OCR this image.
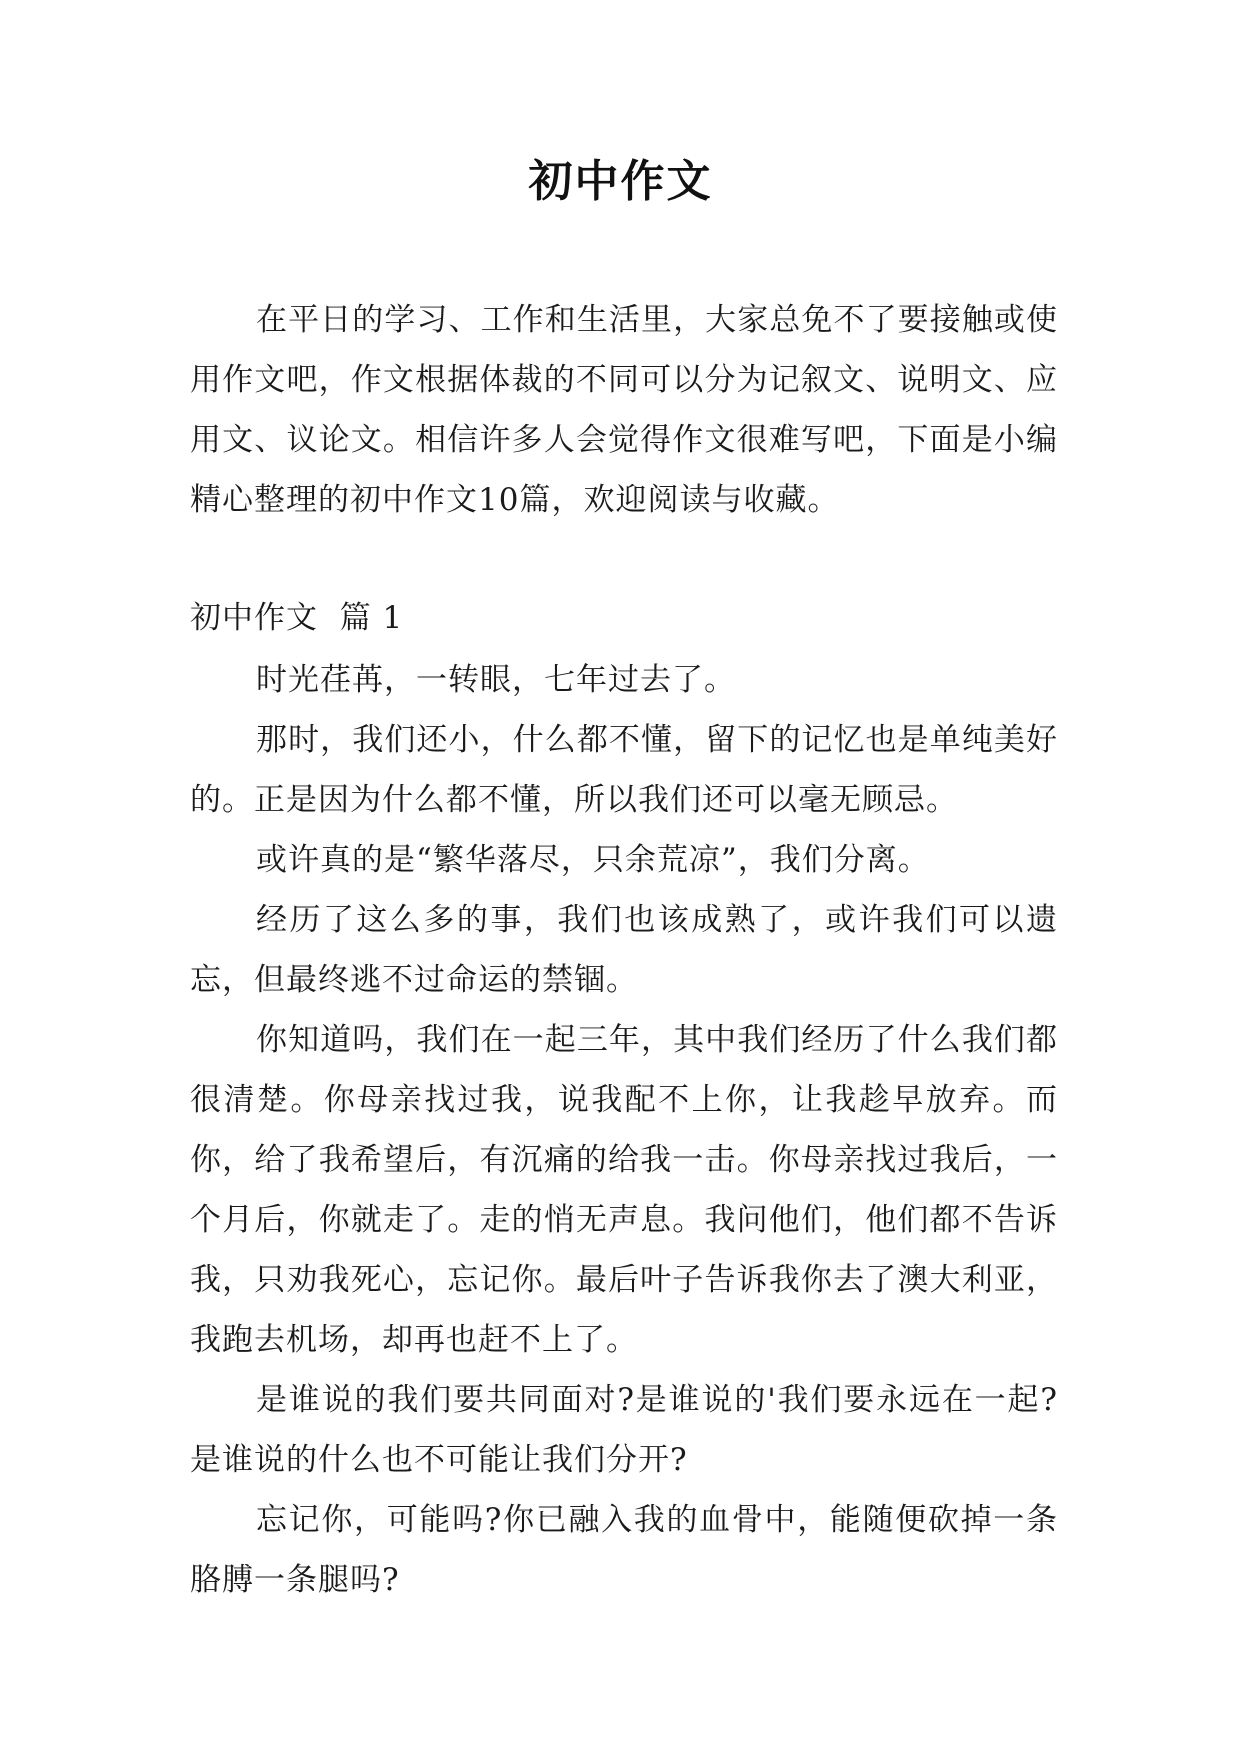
初中作文

在平日的学习、工作和生活里，大家总免不了要接触或使用作文吧，作文根据体裁的不同可以分为记叙文、说明文、应用文、议论文。相信许多人会觉得作文很难写吧，下面是小编精心整理的初中作文10篇，欢迎阅读与收藏。

初中作文  篇 1

时光荏苒，一转眼，七年过去了。

那时，我们还小，什么都不懂，留下的记忆也是单纯美好的。正是因为什么都不懂，所以我们还可以毫无顾忌。

或许真的是“繁华落尽，只余荒凉”，我们分离。

经历了这么多的事，我们也该成熟了，或许我们可以遗忘，但最终逃不过命运的禁锢。

你知道吗，我们在一起三年，其中我们经历了什么我们都很清楚。你母亲找过我，说我配不上你，让我趁早放弃。而你，给了我希望后，有沉痛的给我一击。你母亲找过我后，一个月后，你就走了。走的悄无声息。我问他们，他们都不告诉我，只劝我死心，忘记你。最后叶子告诉我你去了澳大利亚，我跑去机场，却再也赶不上了。

是谁说的我们要共同面对?是谁说的'我们要永远在一起?是谁说的什么也不可能让我们分开?

忘记你，可能吗?你已融入我的血骨中，能随便砍掉一条胳膊一条腿吗?
